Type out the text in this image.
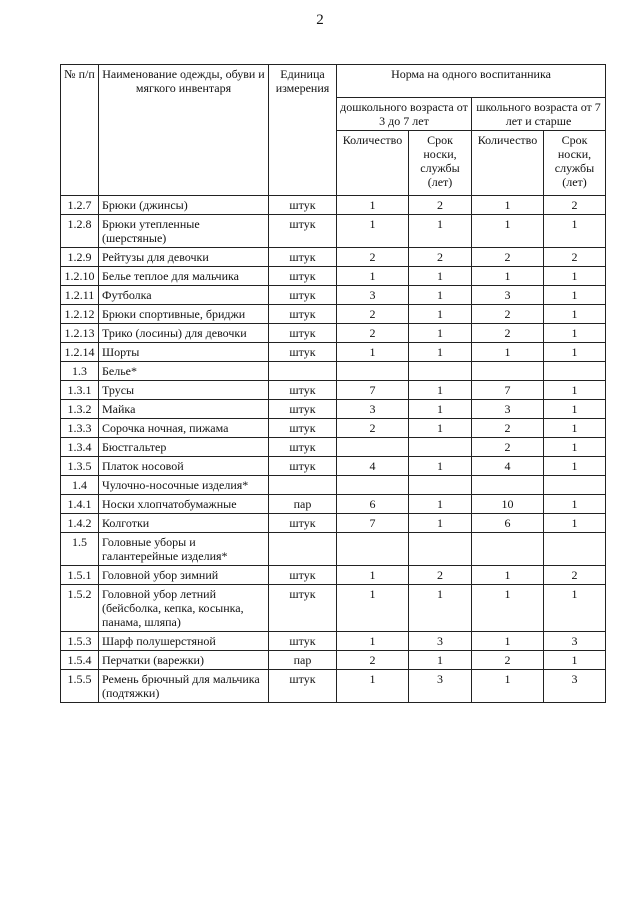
2
№ п/п	Наименование одежды, обуви и мягкого инвентаря	Единица измерения	Норма на одного воспитанника			
			дошкольного возраста от 3 до 7 лет		школьного возраста от 7 лет и старше	
			Количество	Срок носки, службы (лет)	Количество	Срок носки, службы (лет)
1.2.7	Брюки (джинсы)	штук	1	2	1	2
1.2.8	Брюки утепленные (шерстяные)	штук	1	1	1	1
1.2.9	Рейтузы для девочки	штук	2	2	2	2
1.2.10	Белье теплое для мальчика	штук	1	1	1	1
1.2.11	Футболка	штук	3	1	3	1
1.2.12	Брюки спортивные, бриджи	штук	2	1	2	1
1.2.13	Трико (лосины) для девочки	штук	2	1	2	1
1.2.14	Шорты	штук	1	1	1	1
1.3	Белье*					
1.3.1	Трусы	штук	7	1	7	1
1.3.2	Майка	штук	3	1	3	1
1.3.3	Сорочка ночная, пижама	штук	2	1	2	1
1.3.4	Бюстгальтер	штук			2	1
1.3.5	Платок носовой	штук	4	1	4	1
1.4	Чулочно-носочные изделия*					
1.4.1	Носки хлопчатобумажные	пар	6	1	10	1
1.4.2	Колготки	штук	7	1	6	1
1.5	Головные уборы и галантерейные изделия*					
1.5.1	Головной убор зимний	штук	1	2	1	2
1.5.2	Головной убор летний (бейсболка, кепка, косынка, панама, шляпа)	штук	1	1	1	1
1.5.3	Шарф полушерстяной	штук	1	3	1	3
1.5.4	Перчатки (варежки)	пар	2	1	2	1
1.5.5	Ремень брючный для мальчика (подтяжки)	штук	1	3	1	3
